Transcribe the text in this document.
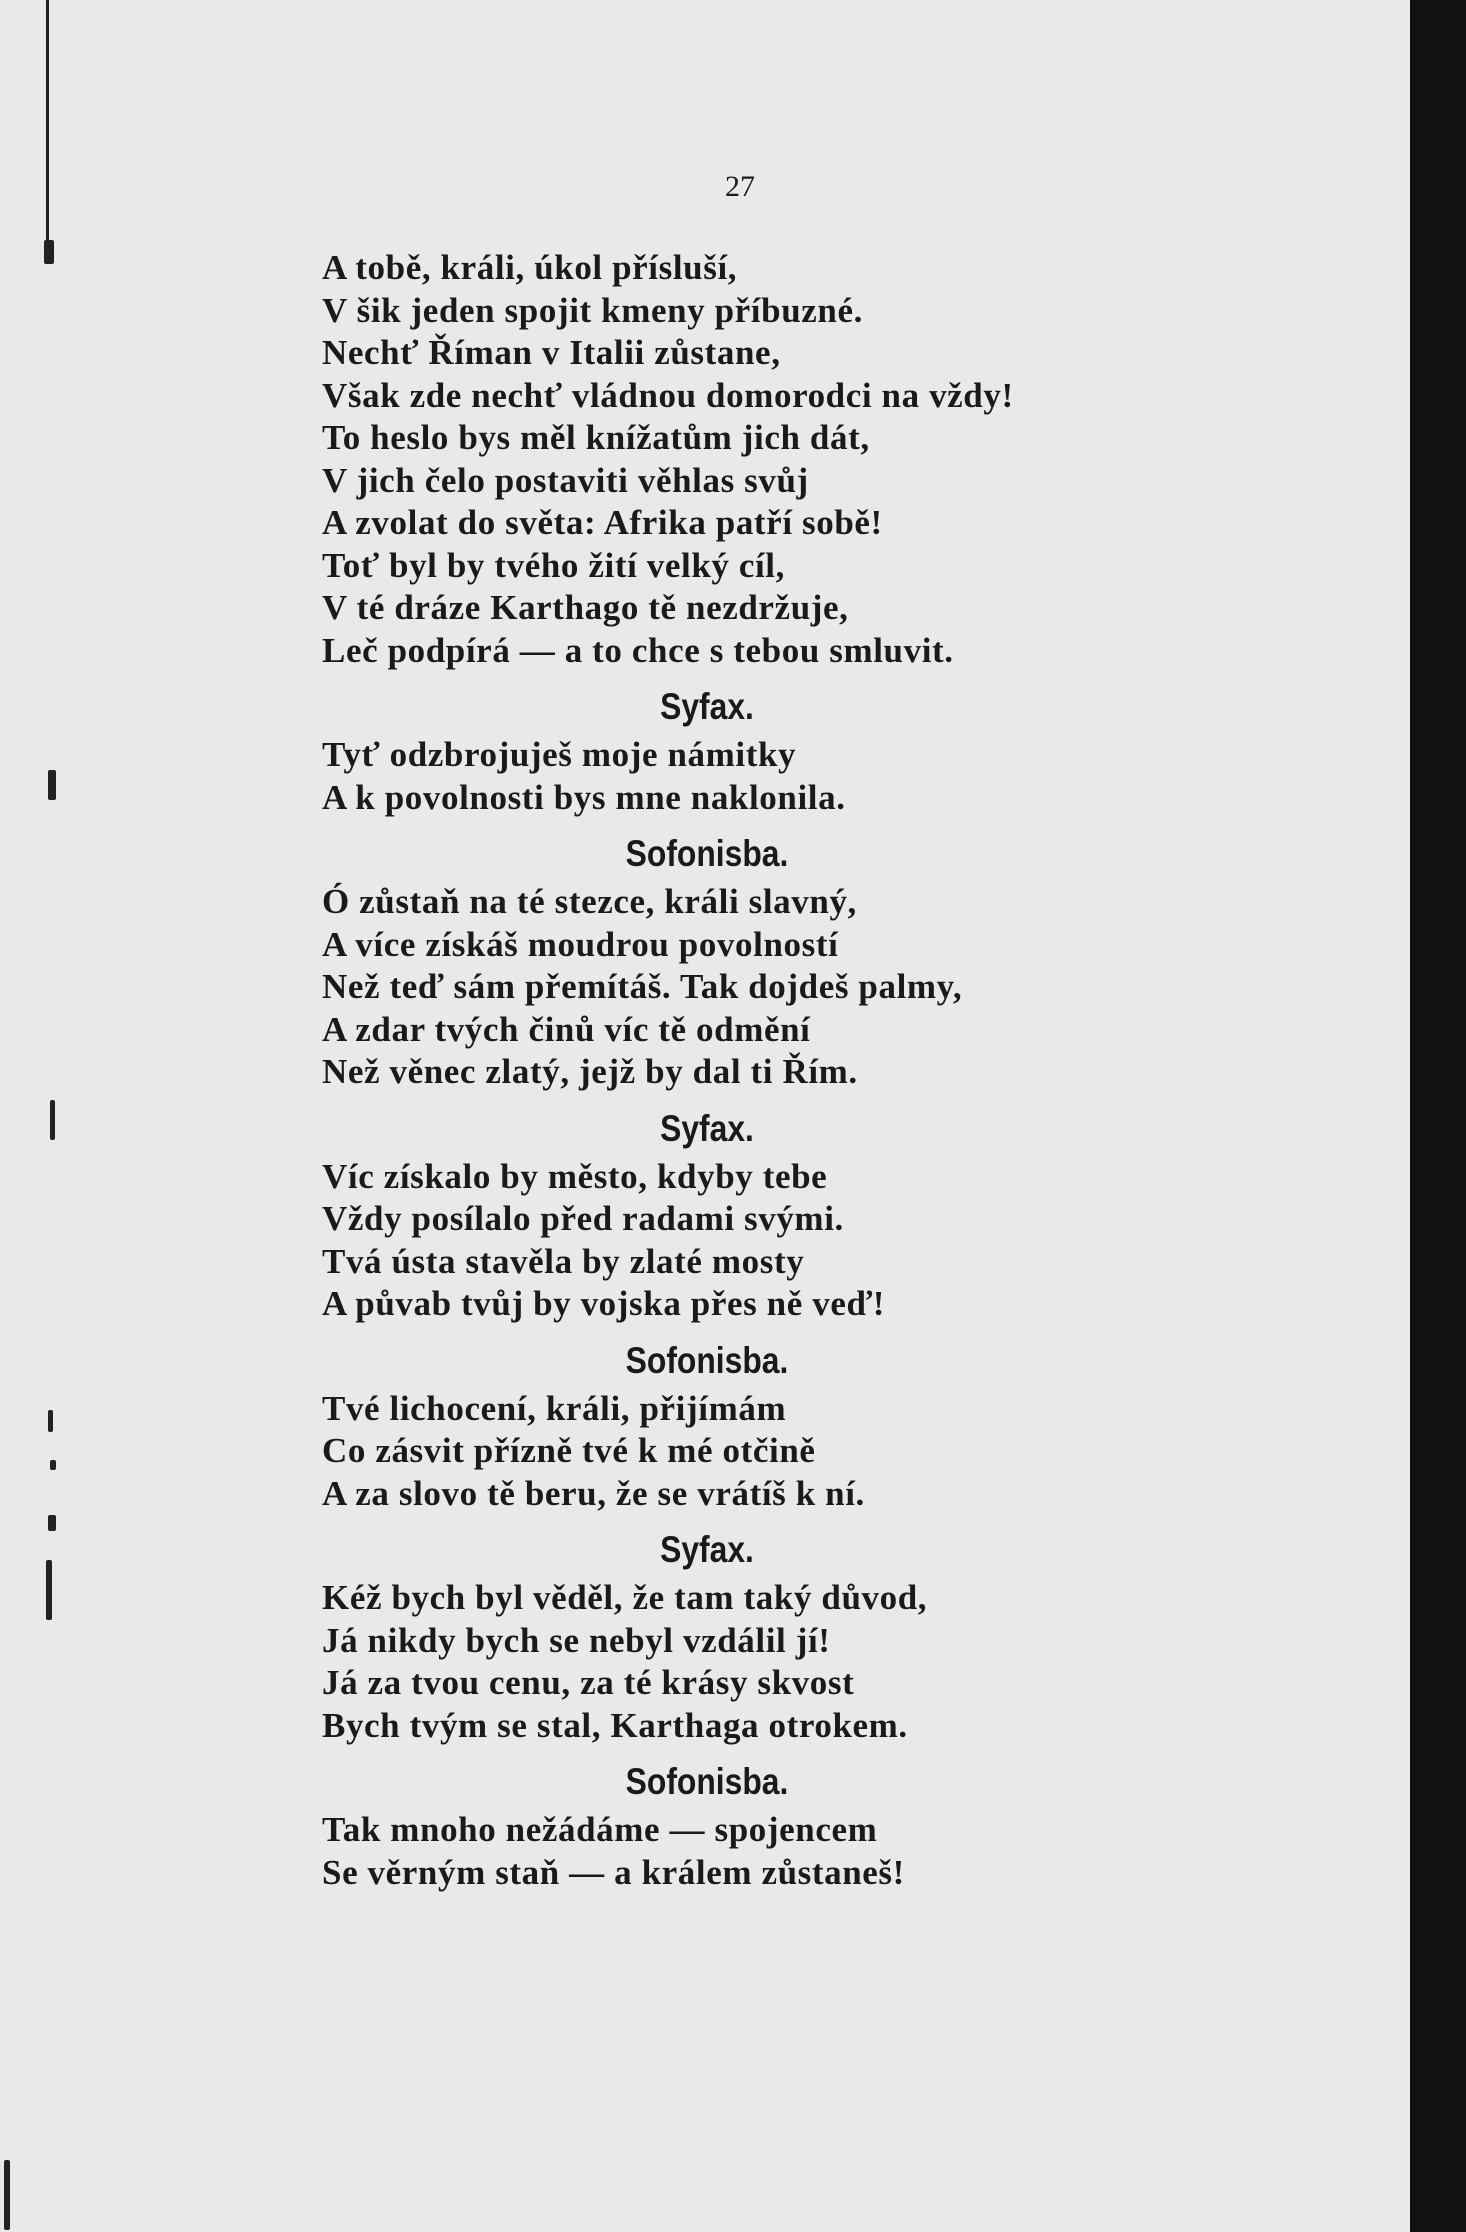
27
A tobě, králi, úkol přísluší,
V šik jeden spojit kmeny příbuzné.
Nechť Říman v Italii zůstane,
Však zde nechť vládnou domorodci na vždy!
To heslo bys měl knížatům jich dát,
V jich čelo postaviti věhlas svůj
A zvolat do světa: Afrika patří sobě!
Toť byl by tvého žití velký cíl,
V té dráze Karthago tě nezdržuje,
Leč podpírá — a to chce s tebou smluvit.
Syfax.
Tyť odzbrojuješ moje námitky
A k povolnosti bys mne naklonila.
Sofonisba.
Ó zůstaň na té stezce, králi slavný,
A více získáš moudrou povolností
Než teď sám přemítáš. Tak dojdeš palmy,
A zdar tvých činů víc tě odmění
Než věnec zlatý, jejž by dal ti Řím.
Syfax.
Víc získalo by město, kdyby tebe
Vždy posílalo před radami svými.
Tvá ústa stavěla by zlaté mosty
A půvab tvůj by vojska přes ně veď!
Sofonisba.
Tvé lichocení, králi, přijímám
Co zásvit přízně tvé k mé otčině
A za slovo tě beru, že se vrátíš k ní.
Syfax.
Kéž bych byl věděl, že tam taký důvod,
Já nikdy bych se nebyl vzdálil jí!
Já za tvou cenu, za té krásy skvost
Bych tvým se stal, Karthaga otrokem.
Sofonisba.
Tak mnoho nežádáme — spojencem
Se věrným staň — a králem zůstaneš!
